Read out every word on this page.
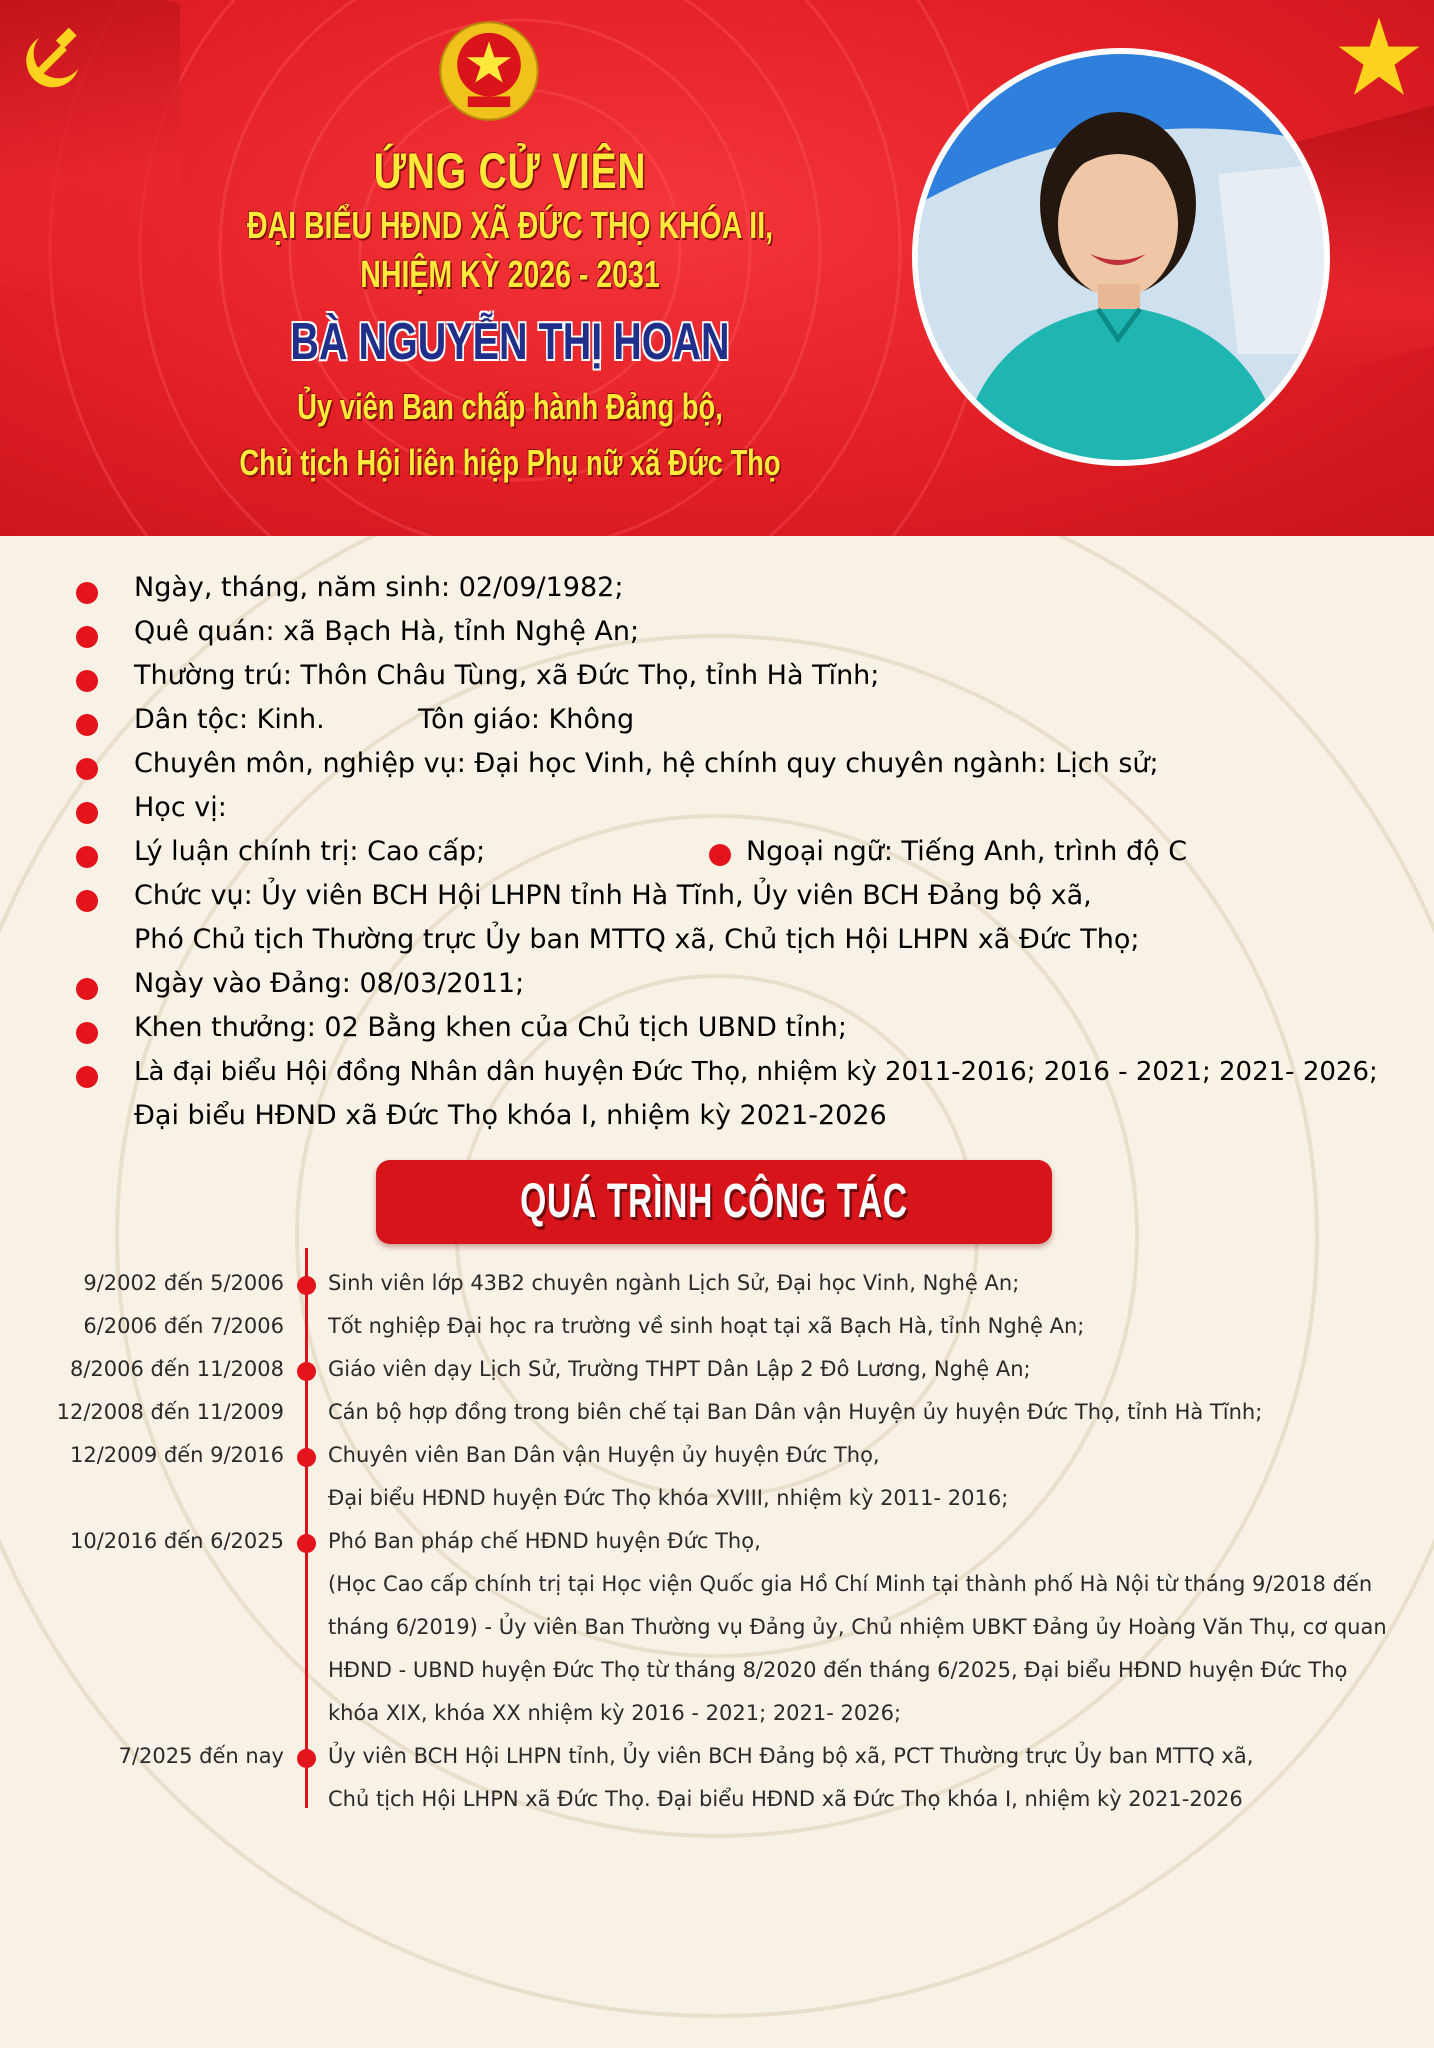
ỨNG CỬ VIÊN
ĐẠI BIỂU HĐND XÃ ĐỨC THỌ KHÓA II,
NHIỆM KỲ 2026 - 2031
BÀ NGUYỄN THỊ HOAN
Ủy viên Ban chấp hành Đảng bộ,
Chủ tịch Hội liên hiệp Phụ nữ xã Đức Thọ
Ngày, tháng, năm sinh: 02/09/1982;
Quê quán: xã Bạch Hà, tỉnh Nghệ An;
Thường trú: Thôn Châu Tùng, xã Đức Thọ, tỉnh Hà Tĩnh;
Dân tộc: Kinh.	Tôn giáo: Không
Chuyên môn, nghiệp vụ: Đại học Vinh, hệ chính quy chuyên ngành: Lịch sử;
Học vị:
Lý luận chính trị: Cao cấp;	Ngoại ngữ: Tiếng Anh, trình độ C
Chức vụ: Ủy viên BCH Hội LHPN tỉnh Hà Tĩnh, Ủy viên BCH Đảng bộ xã,
Phó Chủ tịch Thường trực Ủy ban MTTQ xã, Chủ tịch Hội LHPN xã Đức Thọ;
Ngày vào Đảng: 08/03/2011;
Khen thưởng: 02 Bằng khen của Chủ tịch UBND tỉnh;
Là đại biểu Hội đồng Nhân dân huyện Đức Thọ, nhiệm kỳ 2011-2016; 2016 - 2021; 2021- 2026;
Đại biểu HĐND xã Đức Thọ khóa I, nhiệm kỳ 2021-2026
QUÁ TRÌNH CÔNG TÁC
9/2002 đến 5/2006 Sinh viên lớp 43B2 chuyên ngành Lịch Sử, Đại học Vinh, Nghệ An;
6/2006 đến 7/2006 Tốt nghiệp Đại học ra trường về sinh hoạt tại xã Bạch Hà, tỉnh Nghệ An;
8/2006 đến 11/2008 Giáo viên dạy Lịch Sử, Trường THPT Dân Lập 2 Đô Lương, Nghệ An;
12/2008 đến 11/2009 Cán bộ hợp đồng trong biên chế tại Ban Dân vận Huyện ủy huyện Đức Thọ, tỉnh Hà Tĩnh;
12/2009 đến 9/2016 Chuyên viên Ban Dân vận Huyện ủy huyện Đức Thọ,
Đại biểu HĐND huyện Đức Thọ khóa XVIII, nhiệm kỳ 2011- 2016;
10/2016 đến 6/2025 Phó Ban pháp chế HĐND huyện Đức Thọ,
(Học Cao cấp chính trị tại Học viện Quốc gia Hồ Chí Minh tại thành phố Hà Nội từ tháng 9/2018 đến
tháng 6/2019) - Ủy viên Ban Thường vụ Đảng ủy, Chủ nhiệm UBKT Đảng ủy Hoàng Văn Thụ, cơ quan
HĐND - UBND huyện Đức Thọ từ tháng 8/2020 đến tháng 6/2025, Đại biểu HĐND huyện Đức Thọ
khóa XIX, khóa XX nhiệm kỳ 2016 - 2021; 2021- 2026;
7/2025 đến nay Ủy viên BCH Hội LHPN tỉnh, Ủy viên BCH Đảng bộ xã, PCT Thường trực Ủy ban MTTQ xã,
Chủ tịch Hội LHPN xã Đức Thọ. Đại biểu HĐND xã Đức Thọ khóa I, nhiệm kỳ 2021-2026
